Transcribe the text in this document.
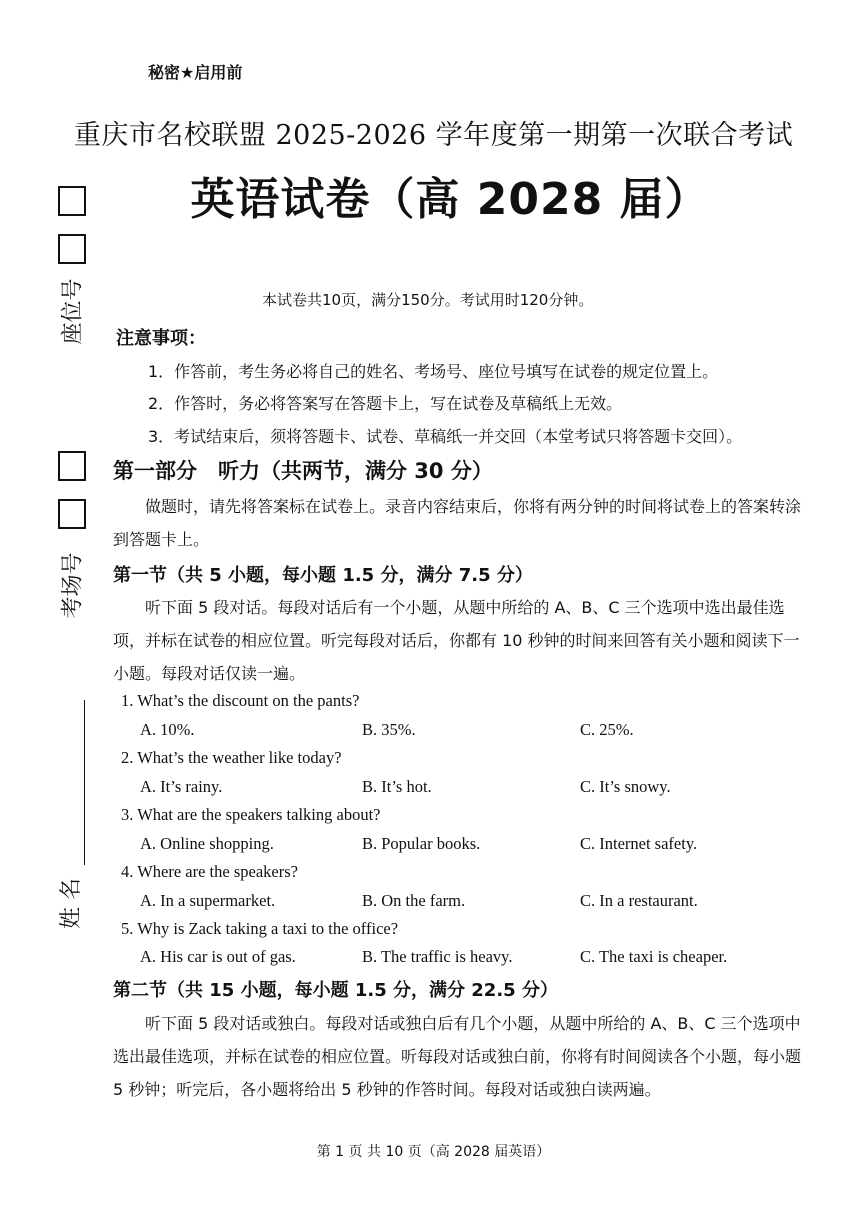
座位号
考场号
姓 名
秘密★启用前
重庆市名校联盟 2025-2026 学年度第一期第一次联合考试
英语试卷（高 2028 届）
本试卷共10页，满分150分。考试用时120分钟。
注意事项：
1．作答前，考生务必将自己的姓名、考场号、座位号填写在试卷的规定位置上。
2．作答时，务必将答案写在答题卡上，写在试卷及草稿纸上无效。
3．考试结束后，须将答题卡、试卷、草稿纸一并交回（本堂考试只将答题卡交回）。
第一部分　听力（共两节，满分 30 分）
做题时，请先将答案标在试卷上。录音内容结束后，你将有两分钟的时间将试卷上的答案转涂到答题卡上。
第一节（共 5 小题，每小题 1.5 分，满分 7.5 分）
听下面 5 段对话。每段对话后有一个小题，从题中所给的 A、B、C 三个选项中选出最佳选项，并标在试卷的相应位置。听完每段对话后，你都有 10 秒钟的时间来回答有关小题和阅读下一小题。每段对话仅读一遍。
1. What’s the discount on the pants?
A. 10%.	B. 35%.	C. 25%.
2. What’s the weather like today?
A. It’s rainy.	B. It’s hot.	C. It’s snowy.
3. What are the speakers talking about?
A. Online shopping.	B. Popular books.	C. Internet safety.
4. Where are the speakers?
A. In a supermarket.	B. On the farm.	C. In a restaurant.
5. Why is Zack taking a taxi to the office?
A. His car is out of gas.	B. The traffic is heavy.	C. The taxi is cheaper.
第二节（共 15 小题，每小题 1.5 分，满分 22.5 分）
听下面 5 段对话或独白。每段对话或独白后有几个小题，从题中所给的 A、B、C 三个选项中选出最佳选项，并标在试卷的相应位置。听每段对话或独白前，你将有时间阅读各个小题，每小题 5 秒钟；听完后，各小题将给出 5 秒钟的作答时间。每段对话或独白读两遍。
第 1 页 共 10 页（高 2028 届英语）
